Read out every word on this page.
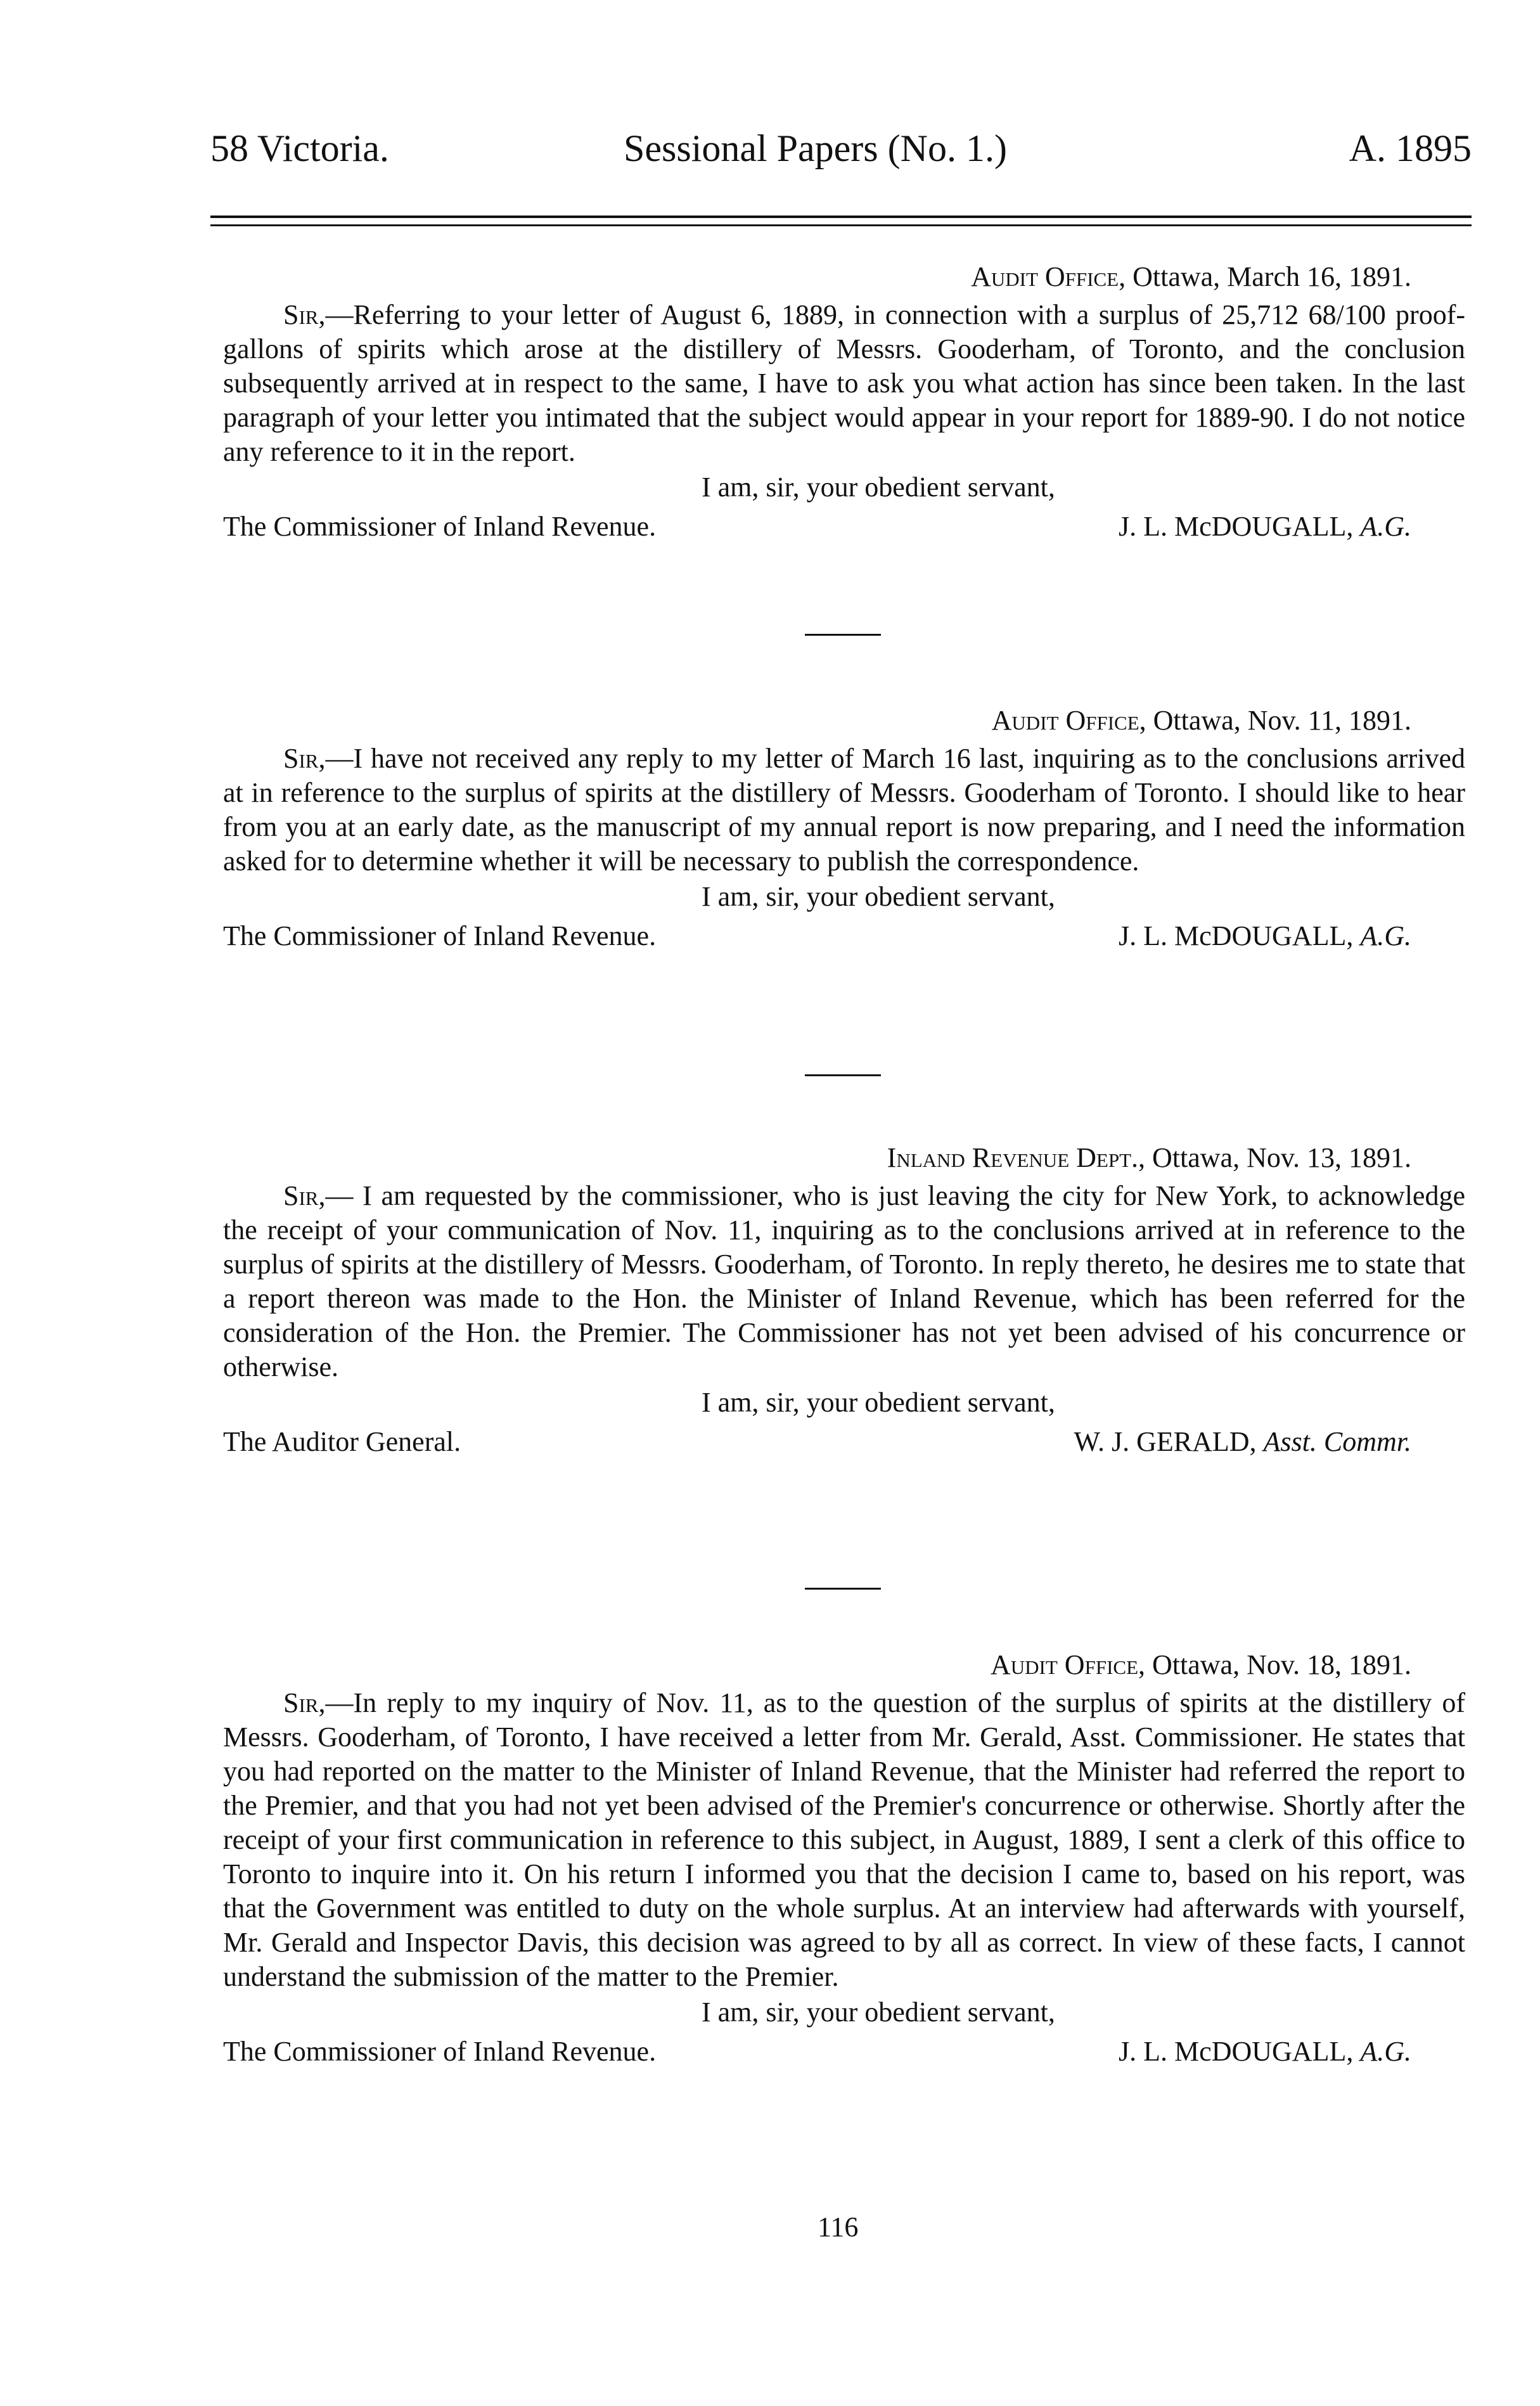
58 Victoria.	Sessional Papers (No. 1.)	A. 1895
Audit Office, Ottawa, March 16, 1891.
Sir,—Referring to your letter of August 6, 1889, in connection with a surplus of 25,712 68/100 proof-gallons of spirits which arose at the distillery of Messrs. Gooderham, of Toronto, and the conclusion subsequently arrived at in respect to the same, I have to ask you what action has since been taken. In the last paragraph of your letter you intimated that the subject would appear in your report for 1889-90. I do not notice any reference to it in the report.
I am, sir, your obedient servant,
The Commissioner of Inland Revenue.	J. L. McDOUGALL, A.G.
Audit Office, Ottawa, Nov. 11, 1891.
Sir,—I have not received any reply to my letter of March 16 last, inquiring as to the conclusions arrived at in reference to the surplus of spirits at the distillery of Messrs. Gooderham of Toronto. I should like to hear from you at an early date, as the manuscript of my annual report is now preparing, and I need the information asked for to determine whether it will be necessary to publish the correspondence.
I am, sir, your obedient servant,
The Commissioner of Inland Revenue.	J. L. McDOUGALL, A.G.
Inland Revenue Dept., Ottawa, Nov. 13, 1891.
Sir,— I am requested by the commissioner, who is just leaving the city for New York, to acknowledge the receipt of your communication of Nov. 11, inquiring as to the conclusions arrived at in reference to the surplus of spirits at the distillery of Messrs. Gooderham, of Toronto. In reply thereto, he desires me to state that a report thereon was made to the Hon. the Minister of Inland Revenue, which has been referred for the consideration of the Hon. the Premier. The Commissioner has not yet been advised of his concurrence or otherwise.
I am, sir, your obedient servant,
The Auditor General.	W. J. GERALD, Asst. Commr.
Audit Office, Ottawa, Nov. 18, 1891.
Sir,—In reply to my inquiry of Nov. 11, as to the question of the surplus of spirits at the distillery of Messrs. Gooderham, of Toronto, I have received a letter from Mr. Gerald, Asst. Commissioner. He states that you had reported on the matter to the Minister of Inland Revenue, that the Minister had referred the report to the Premier, and that you had not yet been advised of the Premier's concurrence or otherwise. Shortly after the receipt of your first communication in reference to this subject, in August, 1889, I sent a clerk of this office to Toronto to inquire into it. On his return I informed you that the decision I came to, based on his report, was that the Government was entitled to duty on the whole surplus. At an interview had afterwards with yourself, Mr. Gerald and Inspector Davis, this decision was agreed to by all as correct. In view of these facts, I cannot understand the submission of the matter to the Premier.
I am, sir, your obedient servant,
The Commissioner of Inland Revenue.	J. L. McDOUGALL, A.G.
116
